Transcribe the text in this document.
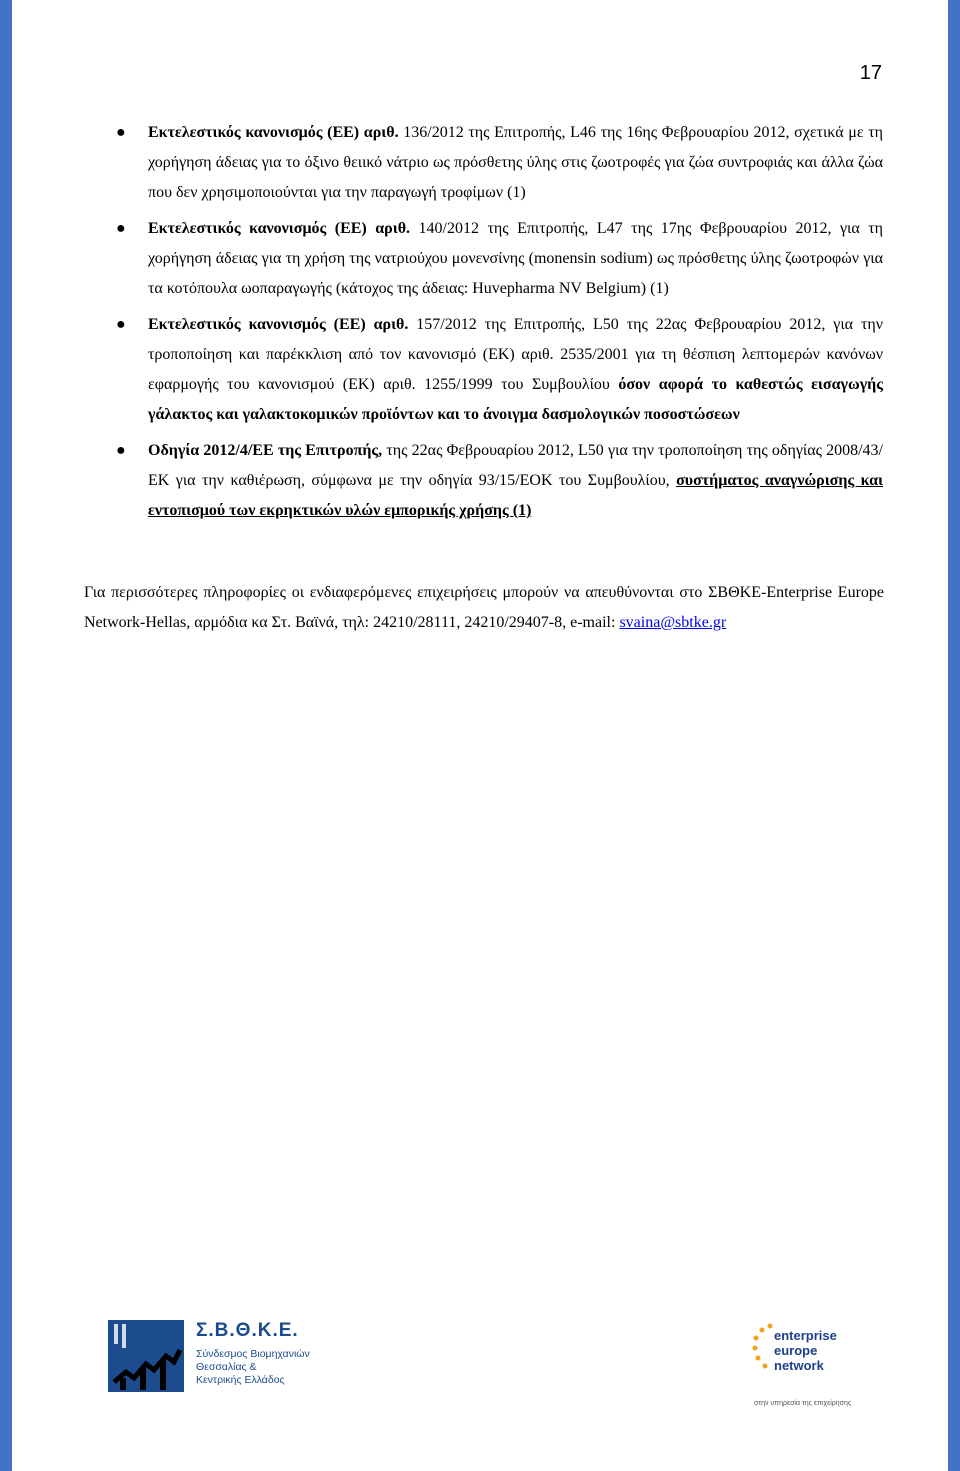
17
● Εκτελεστικός κανονισμός (ΕΕ) αριθ. 136/2012 της Επιτροπής, L46 της 16ης Φεβρουαρίου 2012, σχετικά με τη χορήγηση άδειας για το όξινο θειικό νάτριο ως πρόσθετης ύλης στις ζωοτροφές για ζώα συντροφιάς και άλλα ζώα που δεν χρησιμοποιούνται για την παραγωγή τροφίμων (1)
● Εκτελεστικός κανονισμός (ΕΕ) αριθ. 140/2012 της Επιτροπής, L47 της 17ης Φεβρουαρίου 2012, για τη χορήγηση άδειας για τη χρήση της νατριούχου μονενσίνης (monensin sodium) ως πρόσθετης ύλης ζωοτροφών για τα κοτόπουλα ωοπαραγωγής (κάτοχος της άδειας: Huvepharma NV Belgium) (1)
● Εκτελεστικός κανονισμός (ΕΕ) αριθ. 157/2012 της Επιτροπής, L50 της 22ας Φεβρουαρίου 2012, για την τροποποίηση και παρέκκλιση από τον κανονισμό (ΕΚ) αριθ. 2535/2001 για τη θέσπιση λεπτομερών κανόνων εφαρμογής του κανονισμού (ΕΚ) αριθ. 1255/1999 του Συμβουλίου όσον αφορά το καθεστώς εισαγωγής γάλακτος και γαλακτοκομικών προϊόντων και το άνοιγμα δασμολογικών ποσοστώσεων
● Οδηγία 2012/4/ΕΕ της Επιτροπής, της 22ας Φεβρουαρίου 2012, L50 για την τροποποίηση της οδηγίας 2008/43/ΕΚ για την καθιέρωση, σύμφωνα με την οδηγία 93/15/ΕΟΚ του Συμβουλίου, συστήματος αναγνώρισης και εντοπισμού των εκρηκτικών υλών εμπορικής χρήσης (1)
Για περισσότερες πληροφορίες οι ενδιαφερόμενες επιχειρήσεις μπορούν να απευθύνονται στο ΣΒΘΚΕ-Enterprise Europe Network-Hellas, αρμόδια κα Στ. Βαϊνά, τηλ: 24210/28111, 24210/29407-8, e-mail: svaina@sbtke.gr
Σ.Β.Θ.Κ.Ε.
Σύνδεσμος Βιομηχανιών
Θεσσαλίας &
Κεντρικής Ελλάδος
enterprise
europe
network
στην υπηρεσία της επιχείρησης
